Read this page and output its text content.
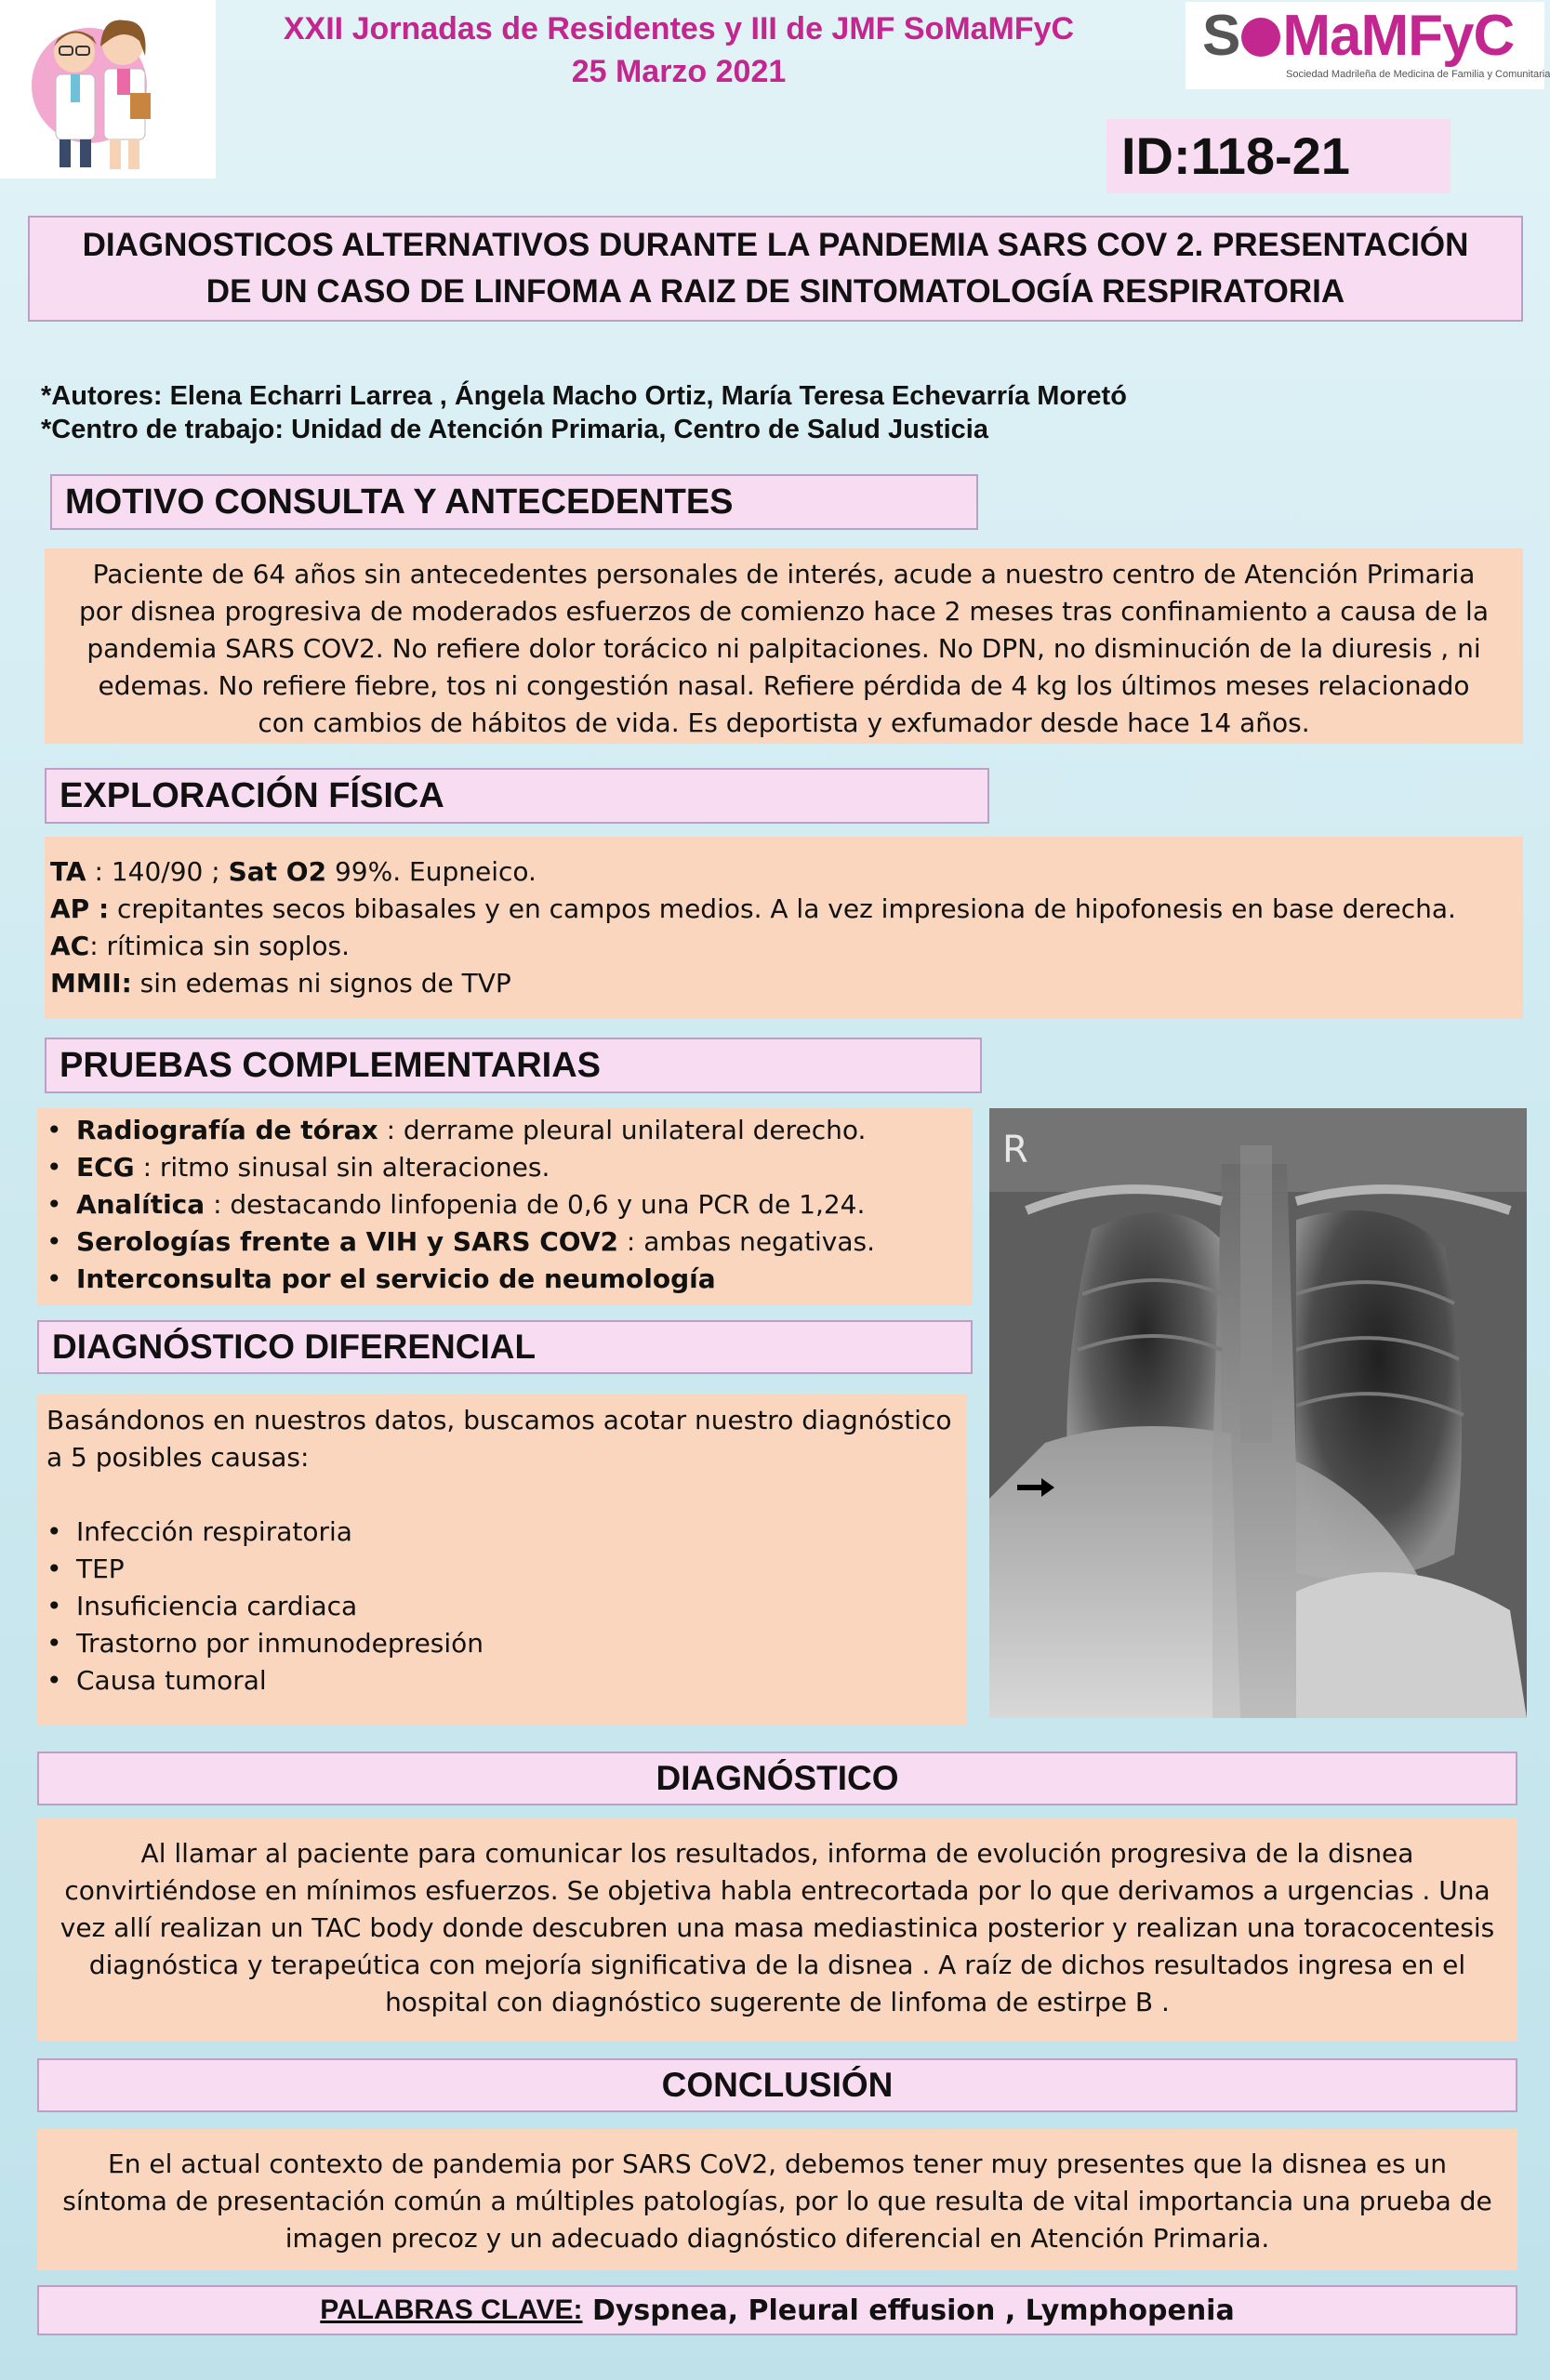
XXII Jornadas de Residentes y III de JMF SoMaMFyC
25 Marzo 2021
S MaMFyC
Sociedad Madrileña de Medicina de Familia y Comunitaria
ID:118-21
DIAGNOSTICOS ALTERNATIVOS DURANTE LA PANDEMIA SARS COV 2. PRESENTACIÓN DE UN CASO DE LINFOMA A RAIZ DE SINTOMATOLOGÍA RESPIRATORIA
*Autores: Elena Echarri Larrea , Ángela Macho Ortiz, María Teresa Echevarría Moretó
*Centro de trabajo: Unidad de Atención Primaria, Centro de Salud Justicia
MOTIVO CONSULTA Y ANTECEDENTES
Paciente de 64 años sin antecedentes personales de interés, acude a nuestro centro de Atención Primaria por disnea progresiva de moderados esfuerzos de comienzo hace 2 meses tras confinamiento a causa de la pandemia SARS COV2. No refiere dolor torácico ni palpitaciones. No DPN, no disminución de la diuresis , ni edemas. No refiere fiebre, tos ni congestión nasal. Refiere pérdida de 4 kg los últimos meses relacionado con cambios de hábitos de vida. Es deportista y exfumador desde hace 14 años.
EXPLORACIÓN FÍSICA
TA : 140/90 ; Sat O2 99%. Eupneico.
AP : crepitantes secos bibasales y en campos medios. A la vez impresiona de hipofonesis en base derecha.
AC: rítimica sin soplos.
MMII: sin edemas ni signos de TVP
PRUEBAS COMPLEMENTARIAS
• Radiografía de tórax : derrame pleural unilateral derecho.
• ECG : ritmo sinusal sin alteraciones.
• Analítica : destacando linfopenia de 0,6 y una PCR de 1,24.
• Serologías frente a VIH y SARS COV2 : ambas negativas.
• Interconsulta por el servicio de neumología
DIAGNÓSTICO DIFERENCIAL
Basándonos en nuestros datos, buscamos acotar nuestro diagnóstico a 5 posibles causas:
• Infección respiratoria
• TEP
• Insuficiencia cardiaca
• Trastorno por inmunodepresión
• Causa tumoral
R
DIAGNÓSTICO
Al llamar al paciente para comunicar los resultados, informa de evolución progresiva de la disnea convirtiéndose en mínimos esfuerzos. Se objetiva habla entrecortada por lo que derivamos a urgencias . Una vez allí realizan un TAC body donde descubren una masa mediastinica posterior y realizan una toracocentesis diagnóstica y terapeútica con mejoría significativa de la disnea . A raíz de dichos resultados ingresa en el hospital con diagnóstico sugerente de linfoma de estirpe B .
CONCLUSIÓN
En el actual contexto de pandemia por SARS CoV2, debemos tener muy presentes que la disnea es un síntoma de presentación común a múltiples patologías, por lo que resulta de vital importancia una prueba de imagen precoz y un adecuado diagnóstico diferencial en Atención Primaria.
PALABRAS CLAVE: Dyspnea, Pleural effusion , Lymphopenia
